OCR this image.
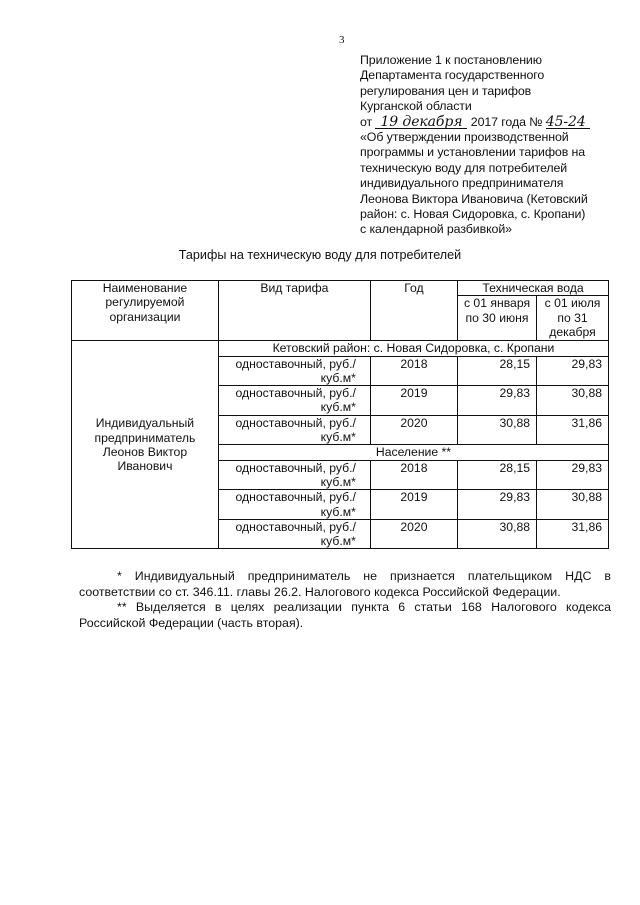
3
Приложение 1 к постановлению
Департамента государственного
регулирования цен и тарифов
Курганской области
от 19 декабря 2017 года № 45-24
«Об утверждении производственной
программы и установлении тарифов на
техническую воду для потребителей
индивидуального предпринимателя
Леонова Виктора Ивановича (Кетовский
район: с. Новая Сидоровка, с. Кропани)
с календарной разбивкой»
Тарифы на техническую воду для потребителей
Наименование регулируемой организации	Вид тарифа	Год	Техническая вода	
			с 01 января по 30 июня	с 01 июля по 31 декабря
Индивидуальный предприниматель Леонов Виктор Иванович	Кетовский район: с. Новая Сидоровка, с. Кропани			
	одноставочный, руб./куб.м*	2018	28,15	29,83
	одноставочный, руб./куб.м*	2019	29,83	30,88
	одноставочный, руб./куб.м*	2020	30,88	31,86
	Население **			
	одноставочный, руб./куб.м*	2018	28,15	29,83
	одноставочный, руб./куб.м*	2019	29,83	30,88
	одноставочный, руб./куб.м*	2020	30,88	31,86

* Индивидуальный предприниматель не признается плательщиком НДС в соответствии со ст. 346.11. главы 26.2. Налогового кодекса Российской Федерации.

** Выделяется в целях реализации пункта 6 статьи 168 Налогового кодекса Российской Федерации (часть вторая).
